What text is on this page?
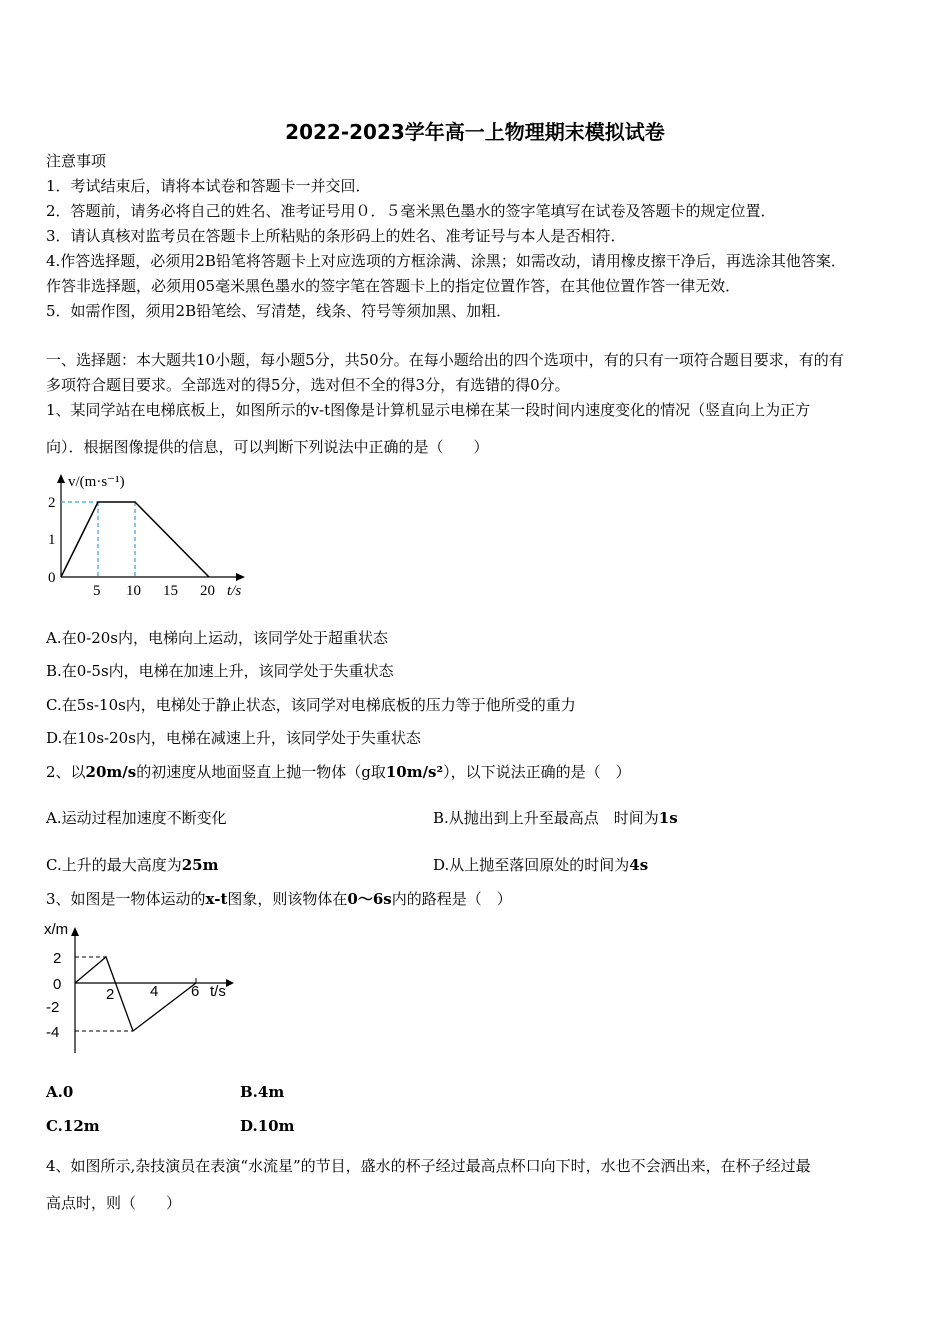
2022-2023学年高一上物理期末模拟试卷
注意事项
1．考试结束后，请将本试卷和答题卡一并交回．
2．答题前，请务必将自己的姓名、准考证号用０．５毫米黑色墨水的签字笔填写在试卷及答题卡的规定位置．
3．请认真核对监考员在答题卡上所粘贴的条形码上的姓名、准考证号与本人是否相符．
4.作答选择题，必须用2B铅笔将答题卡上对应选项的方框涂满、涂黑；如需改动，请用橡皮擦干净后，再选涂其他答案．
作答非选择题，必须用05毫米黑色墨水的签字笔在答题卡上的指定位置作答，在其他位置作答一律无效．
5．如需作图，须用2B铅笔绘、写清楚，线条、符号等须加黑、加粗．
一、选择题：本大题共10小题，每小题5分，共50分。在每小题给出的四个选项中，有的只有一项符合题目要求，有的有
多项符合题目要求。全部选对的得5分，选对但不全的得3分，有选错的得0分。
1、某同学站在电梯底板上，如图所示的v-t图像是计算机显示电梯在某一段时间内速度变化的情况（竖直向上为正方
向）．根据图像提供的信息，可以判断下列说法中正确的是（　　）
v/(m·s⁻¹)
2
1
0
5 10 15 20 t/s
A.在0-20s内，电梯向上运动，该同学处于超重状态
B.在0-5s内，电梯在加速上升，该同学处于失重状态
C.在5s-10s内，电梯处于静止状态，该同学对电梯底板的压力等于他所受的重力
D.在10s-20s内，电梯在减速上升，该同学处于失重状态
2、以20m/s的初速度从地面竖直上抛一物体（g取10m/s²），以下说法正确的是（　）
A.运动过程加速度不断变化	B.从抛出到上升至最高点　时间为1s
C.上升的最大高度为25m	D.从上抛至落回原处的时间为4s
3、如图是一物体运动的x-t图象，则该物体在0～6s内的路程是（　）
x/m
2
0
-2
-4
2 4 6 t/s
A.0	B.4m
C.12m	D.10m
4、如图所示,杂技演员在表演“水流星”的节目，盛水的杯子经过最高点杯口向下时，水也不会洒出来，在杯子经过最
高点时，则（　　）
